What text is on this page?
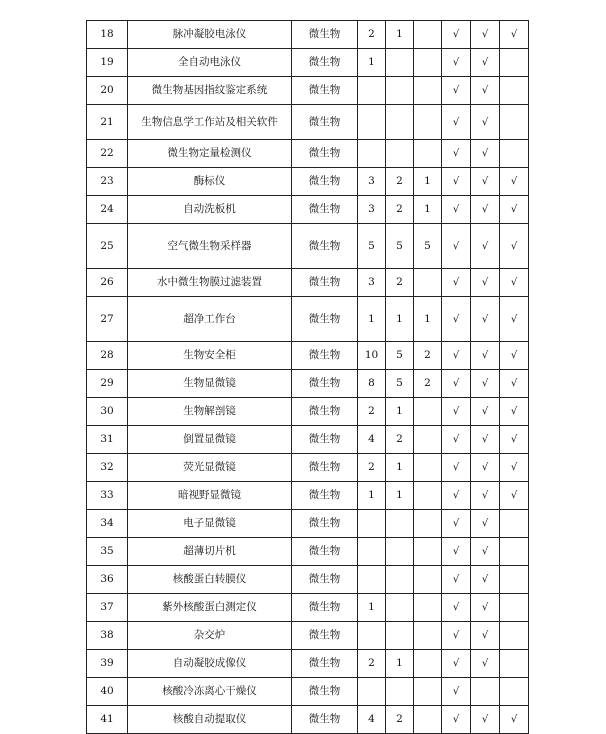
18	脉冲凝胶电泳仪	微生物	2	1		√	√	√
19	全自动电泳仪	微生物	1			√	√	
20	微生物基因指纹鉴定系统	微生物				√	√	
21	生物信息学工作站及相关软件	微生物				√	√	
22	微生物定量检测仪	微生物				√	√	
23	酶标仪	微生物	3	2	1	√	√	√
24	自动洗板机	微生物	3	2	1	√	√	√
25	空气微生物采样器	微生物	5	5	5	√	√	√
26	水中微生物膜过滤装置	微生物	3	2		√	√	√
27	超净工作台	微生物	1	1	1	√	√	√
28	生物安全柜	微生物	10	5	2	√	√	√
29	生物显微镜	微生物	8	5	2	√	√	√
30	生物解剖镜	微生物	2	1		√	√	√
31	倒置显微镜	微生物	4	2		√	√	√
32	荧光显微镜	微生物	2	1		√	√	√
33	暗视野显微镜	微生物	1	1		√	√	√
34	电子显微镜	微生物				√	√	
35	超薄切片机	微生物				√	√	
36	核酸蛋白转膜仪	微生物				√	√	
37	紫外核酸蛋白测定仪	微生物	1			√	√	
38	杂交炉	微生物				√	√	
39	自动凝胶成像仪	微生物	2	1		√	√	
40	核酸冷冻离心干燥仪	微生物				√		
41	核酸自动提取仪	微生物	4	2		√	√	√
